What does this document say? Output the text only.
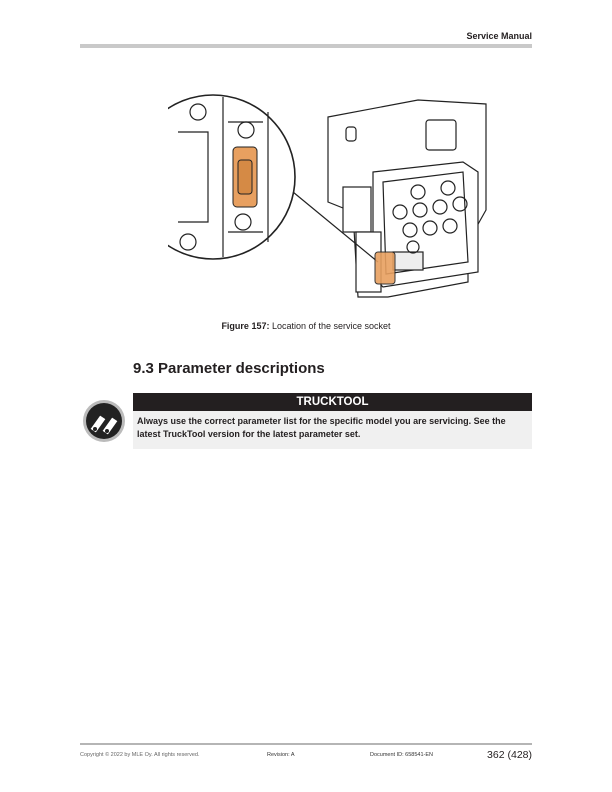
Service Manual
Figure 157: Location of the service socket
9.3 Parameter descriptions
TRUCKTOOL
Always use the correct parameter list for the specific model you are servicing. See the latest TruckTool version for the latest parameter set.
Copyright © 2022 by MLE Oy. All rights reserved.	Revision: A	Document ID: 658541-EN	362 (428)
